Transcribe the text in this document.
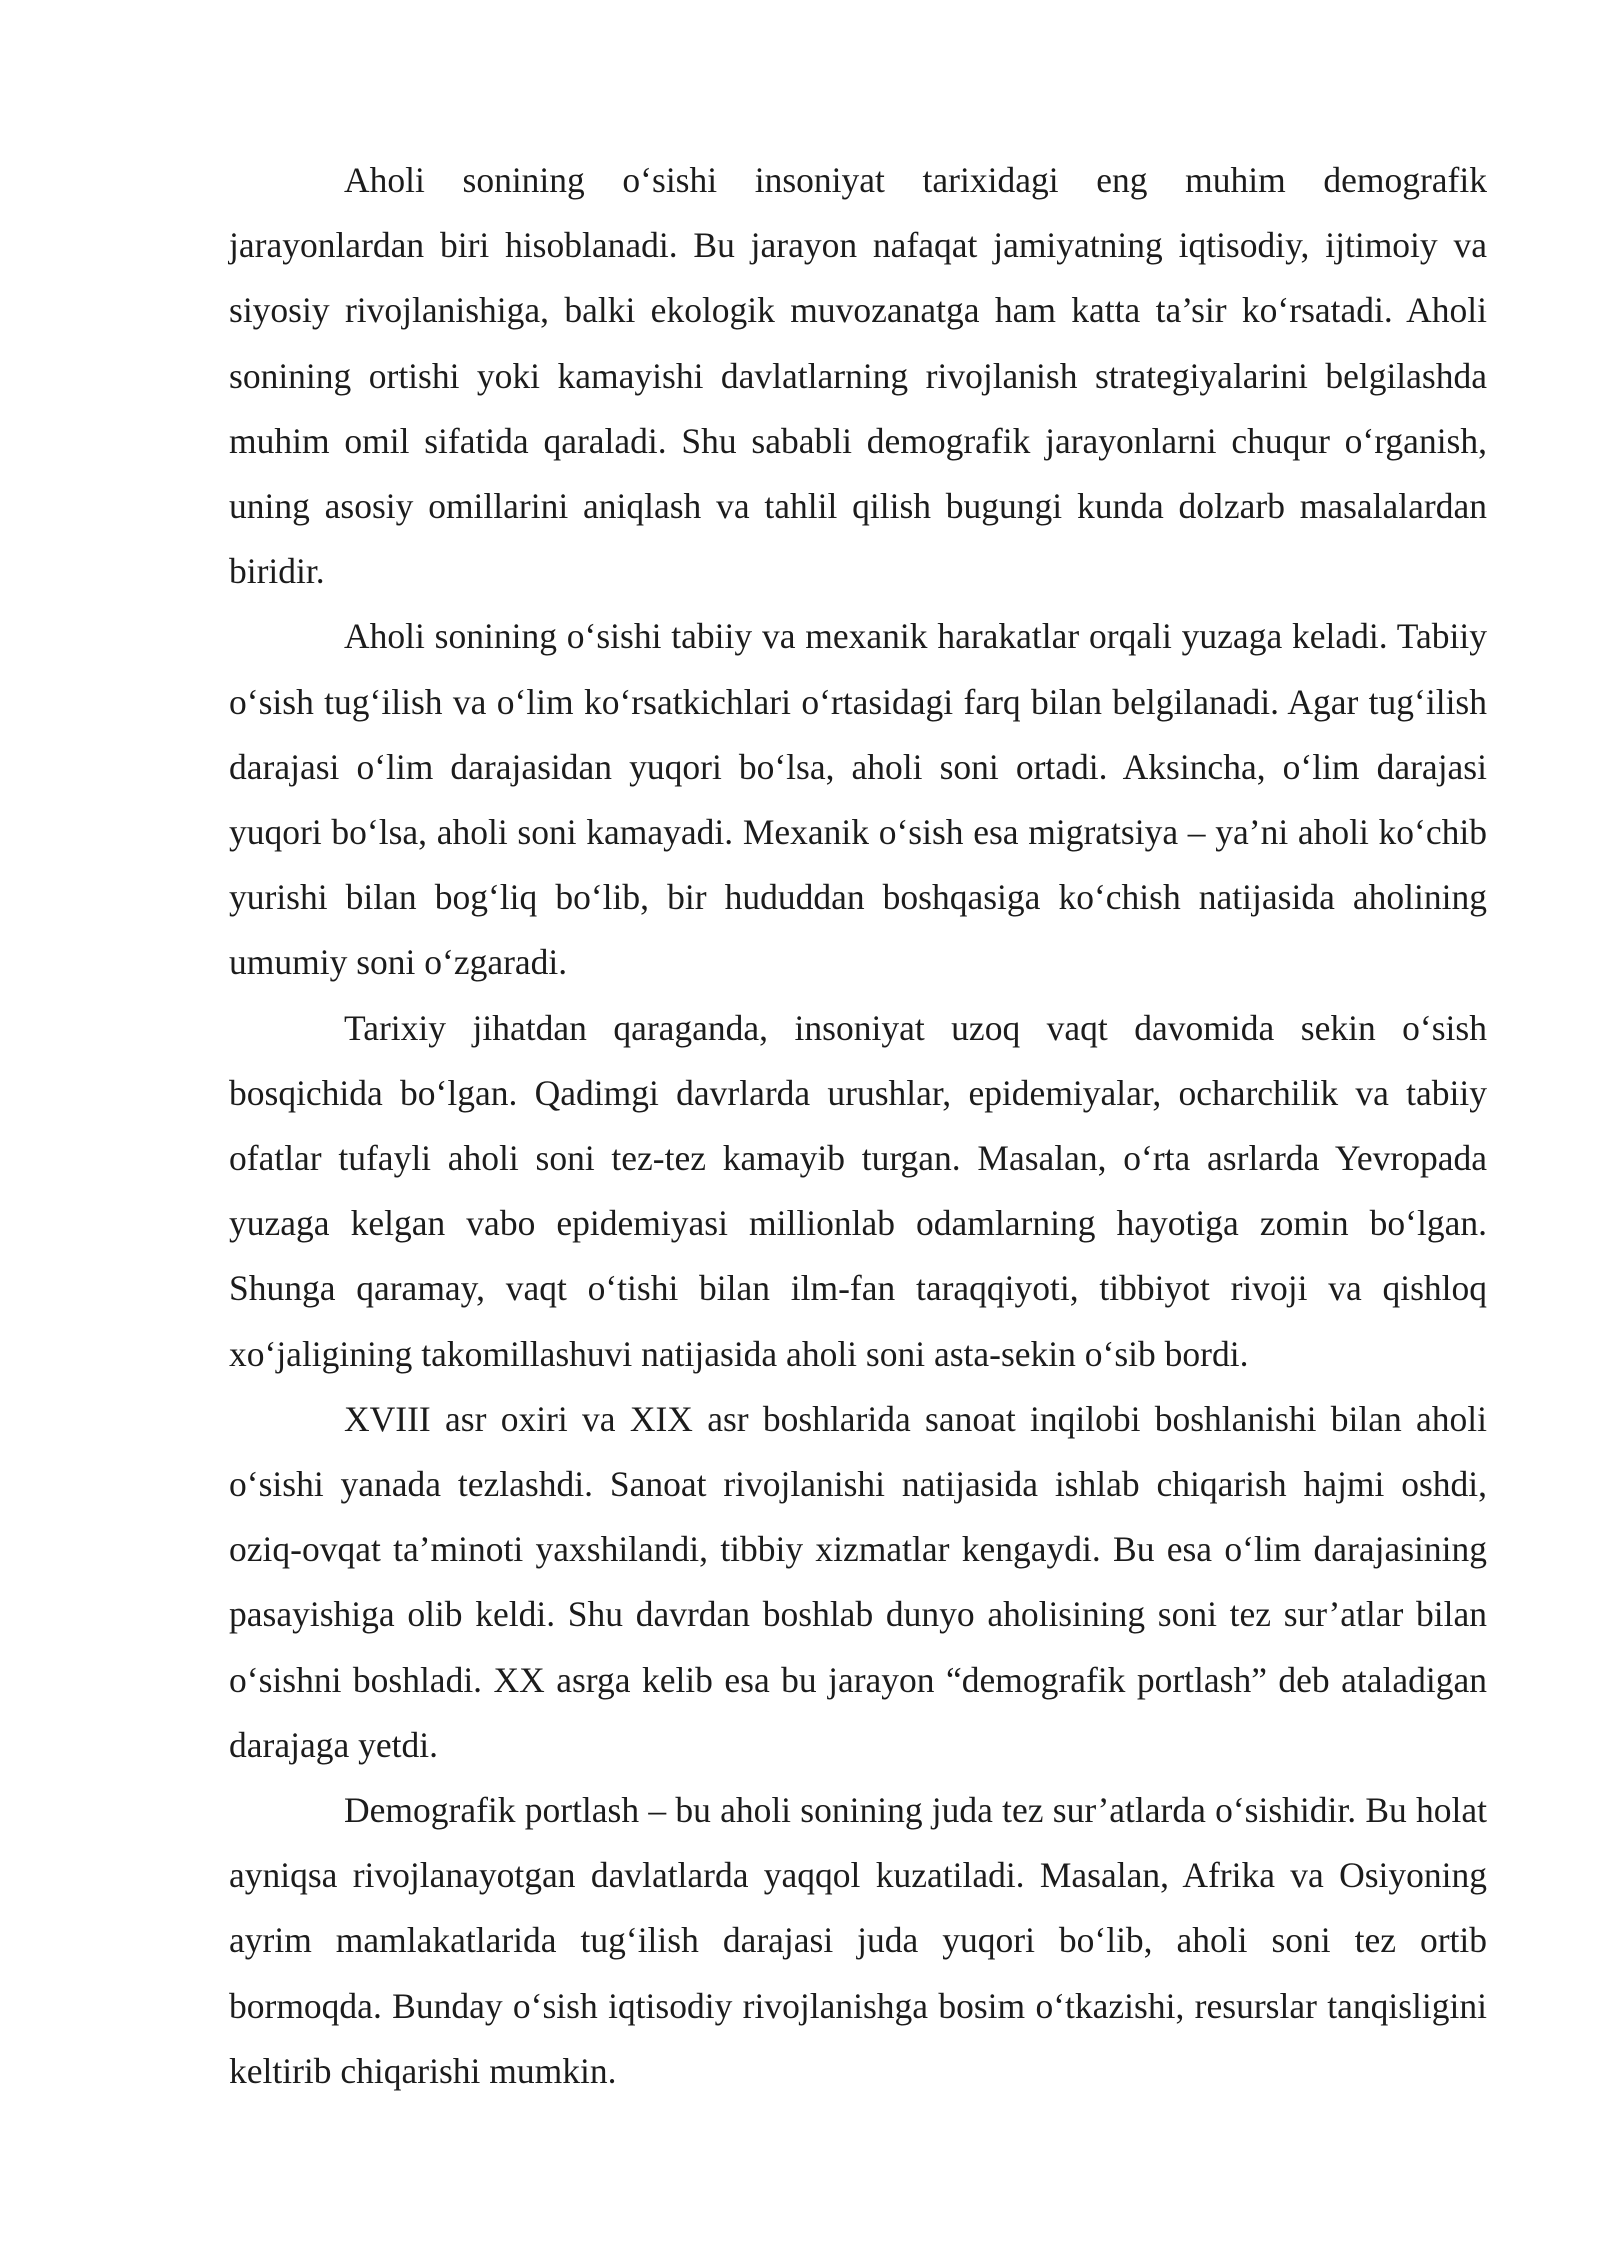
Aholi sonining o‘sishi insoniyat tarixidagi eng muhim demografik jarayonlardan biri hisoblanadi. Bu jarayon nafaqat jamiyatning iqtisodiy, ijtimoiy va siyosiy rivojlanishiga, balki ekologik muvozanatga ham katta ta’sir ko‘rsatadi. Aholi sonining ortishi yoki kamayishi davlatlarning rivojlanish strategiyalarini belgilashda muhim omil sifatida qaraladi. Shu sababli demografik jarayonlarni chuqur o‘rganish, uning asosiy omillarini aniqlash va tahlil qilish bugungi kunda dolzarb masalalardan biridir.

Aholi sonining o‘sishi tabiiy va mexanik harakatlar orqali yuzaga keladi. Tabiiy o‘sish tug‘ilish va o‘lim ko‘rsatkichlari o‘rtasidagi farq bilan belgilanadi. Agar tug‘ilish darajasi o‘lim darajasidan yuqori bo‘lsa, aholi soni ortadi. Aksincha, o‘lim darajasi yuqori bo‘lsa, aholi soni kamayadi. Mexanik o‘sish esa migratsiya – ya’ni aholi ko‘chib yurishi bilan bog‘liq bo‘lib, bir hududdan boshqasiga ko‘chish natijasida aholining umumiy soni o‘zgaradi.

Tarixiy jihatdan qaraganda, insoniyat uzoq vaqt davomida sekin o‘sish bosqichida bo‘lgan. Qadimgi davrlarda urushlar, epidemiyalar, ocharchilik va tabiiy ofatlar tufayli aholi soni tez-tez kamayib turgan. Masalan, o‘rta asrlarda Yevropada yuzaga kelgan vabo epidemiyasi millionlab odamlarning hayotiga zomin bo‘lgan. Shunga qaramay, vaqt o‘tishi bilan ilm-fan taraqqiyoti, tibbiyot rivoji va qishloq xo‘jaligining takomillashuvi natijasida aholi soni asta-sekin o‘sib bordi.

XVIII asr oxiri va XIX asr boshlarida sanoat inqilobi boshlanishi bilan aholi o‘sishi yanada tezlashdi. Sanoat rivojlanishi natijasida ishlab chiqarish hajmi oshdi, oziq-ovqat ta’minoti yaxshilandi, tibbiy xizmatlar kengaydi. Bu esa o‘lim darajasining pasayishiga olib keldi. Shu davrdan boshlab dunyo aholisining soni tez sur’atlar bilan o‘sishni boshladi. XX asrga kelib esa bu jarayon “demografik portlash” deb ataladigan darajaga yetdi.

Demografik portlash – bu aholi sonining juda tez sur’atlarda o‘sishidir. Bu holat ayniqsa rivojlanayotgan davlatlarda yaqqol kuzatiladi. Masalan, Afrika va Osiyoning ayrim mamlakatlarida tug‘ilish darajasi juda yuqori bo‘lib, aholi soni tez ortib bormoqda. Bunday o‘sish iqtisodiy rivojlanishga bosim o‘tkazishi, resurslar tanqisligini keltirib chiqarishi mumkin.
